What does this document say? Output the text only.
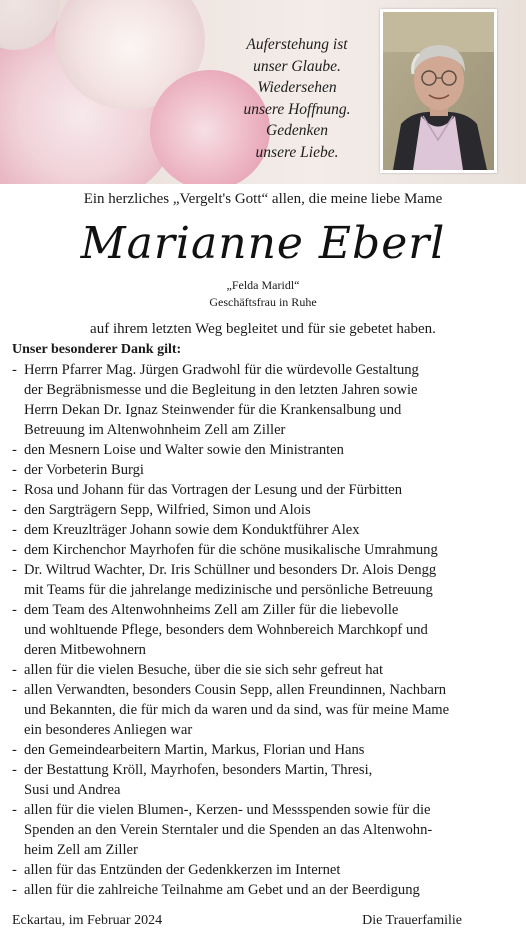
Auferstehung ist
unser Glaube.
Wiedersehen
unsere Hoffnung.
Gedenken
unsere Liebe.
Ein herzliches „Vergelt's Gott“ allen, die meine liebe Mame
Marianne Eberl
„Felda Maridl“
Geschäftsfrau in Ruhe
auf ihrem letzten Weg begleitet und für sie gebetet haben.
Unser besonderer Dank gilt:
- Herrn Pfarrer Mag. Jürgen Gradwohl für die würdevolle Gestaltung
der Begräbnismesse und die Begleitung in den letzten Jahren sowie
Herrn Dekan Dr. Ignaz Steinwender für die Krankensalbung und
Betreuung im Altenwohnheim Zell am Ziller
- den Mesnern Loise und Walter sowie den Ministranten
- der Vorbeterin Burgi
- Rosa und Johann für das Vortragen der Lesung und der Fürbitten
- den Sargträgern Sepp, Wilfried, Simon und Alois
- dem Kreuzlträger Johann sowie dem Konduktführer Alex
- dem Kirchenchor Mayrhofen für die schöne musikalische Umrahmung
- Dr. Wiltrud Wachter, Dr. Iris Schüllner und besonders Dr. Alois Dengg
mit Teams für die jahrelange medizinische und persönliche Betreuung
- dem Team des Altenwohnheims Zell am Ziller für die liebevolle
und wohltuende Pflege, besonders dem Wohnbereich Marchkopf und
deren Mitbewohnern
- allen für die vielen Besuche, über die sie sich sehr gefreut hat
- allen Verwandten, besonders Cousin Sepp, allen Freundinnen, Nachbarn
und Bekannten, die für mich da waren und da sind, was für meine Mame
ein besonderes Anliegen war
- den Gemeindearbeitern Martin, Markus, Florian und Hans
- der Bestattung Kröll, Mayrhofen, besonders Martin, Thresi,
Susi und Andrea
- allen für die vielen Blumen-, Kerzen- und Messspenden sowie für die
Spenden an den Verein Sterntaler und die Spenden an das Altenwohn-
heim Zell am Ziller
- allen für das Entzünden der Gedenkkerzen im Internet
- allen für die zahlreiche Teilnahme am Gebet und an der Beerdigung
Eckartau, im Februar 2024	Die Trauerfamilie
